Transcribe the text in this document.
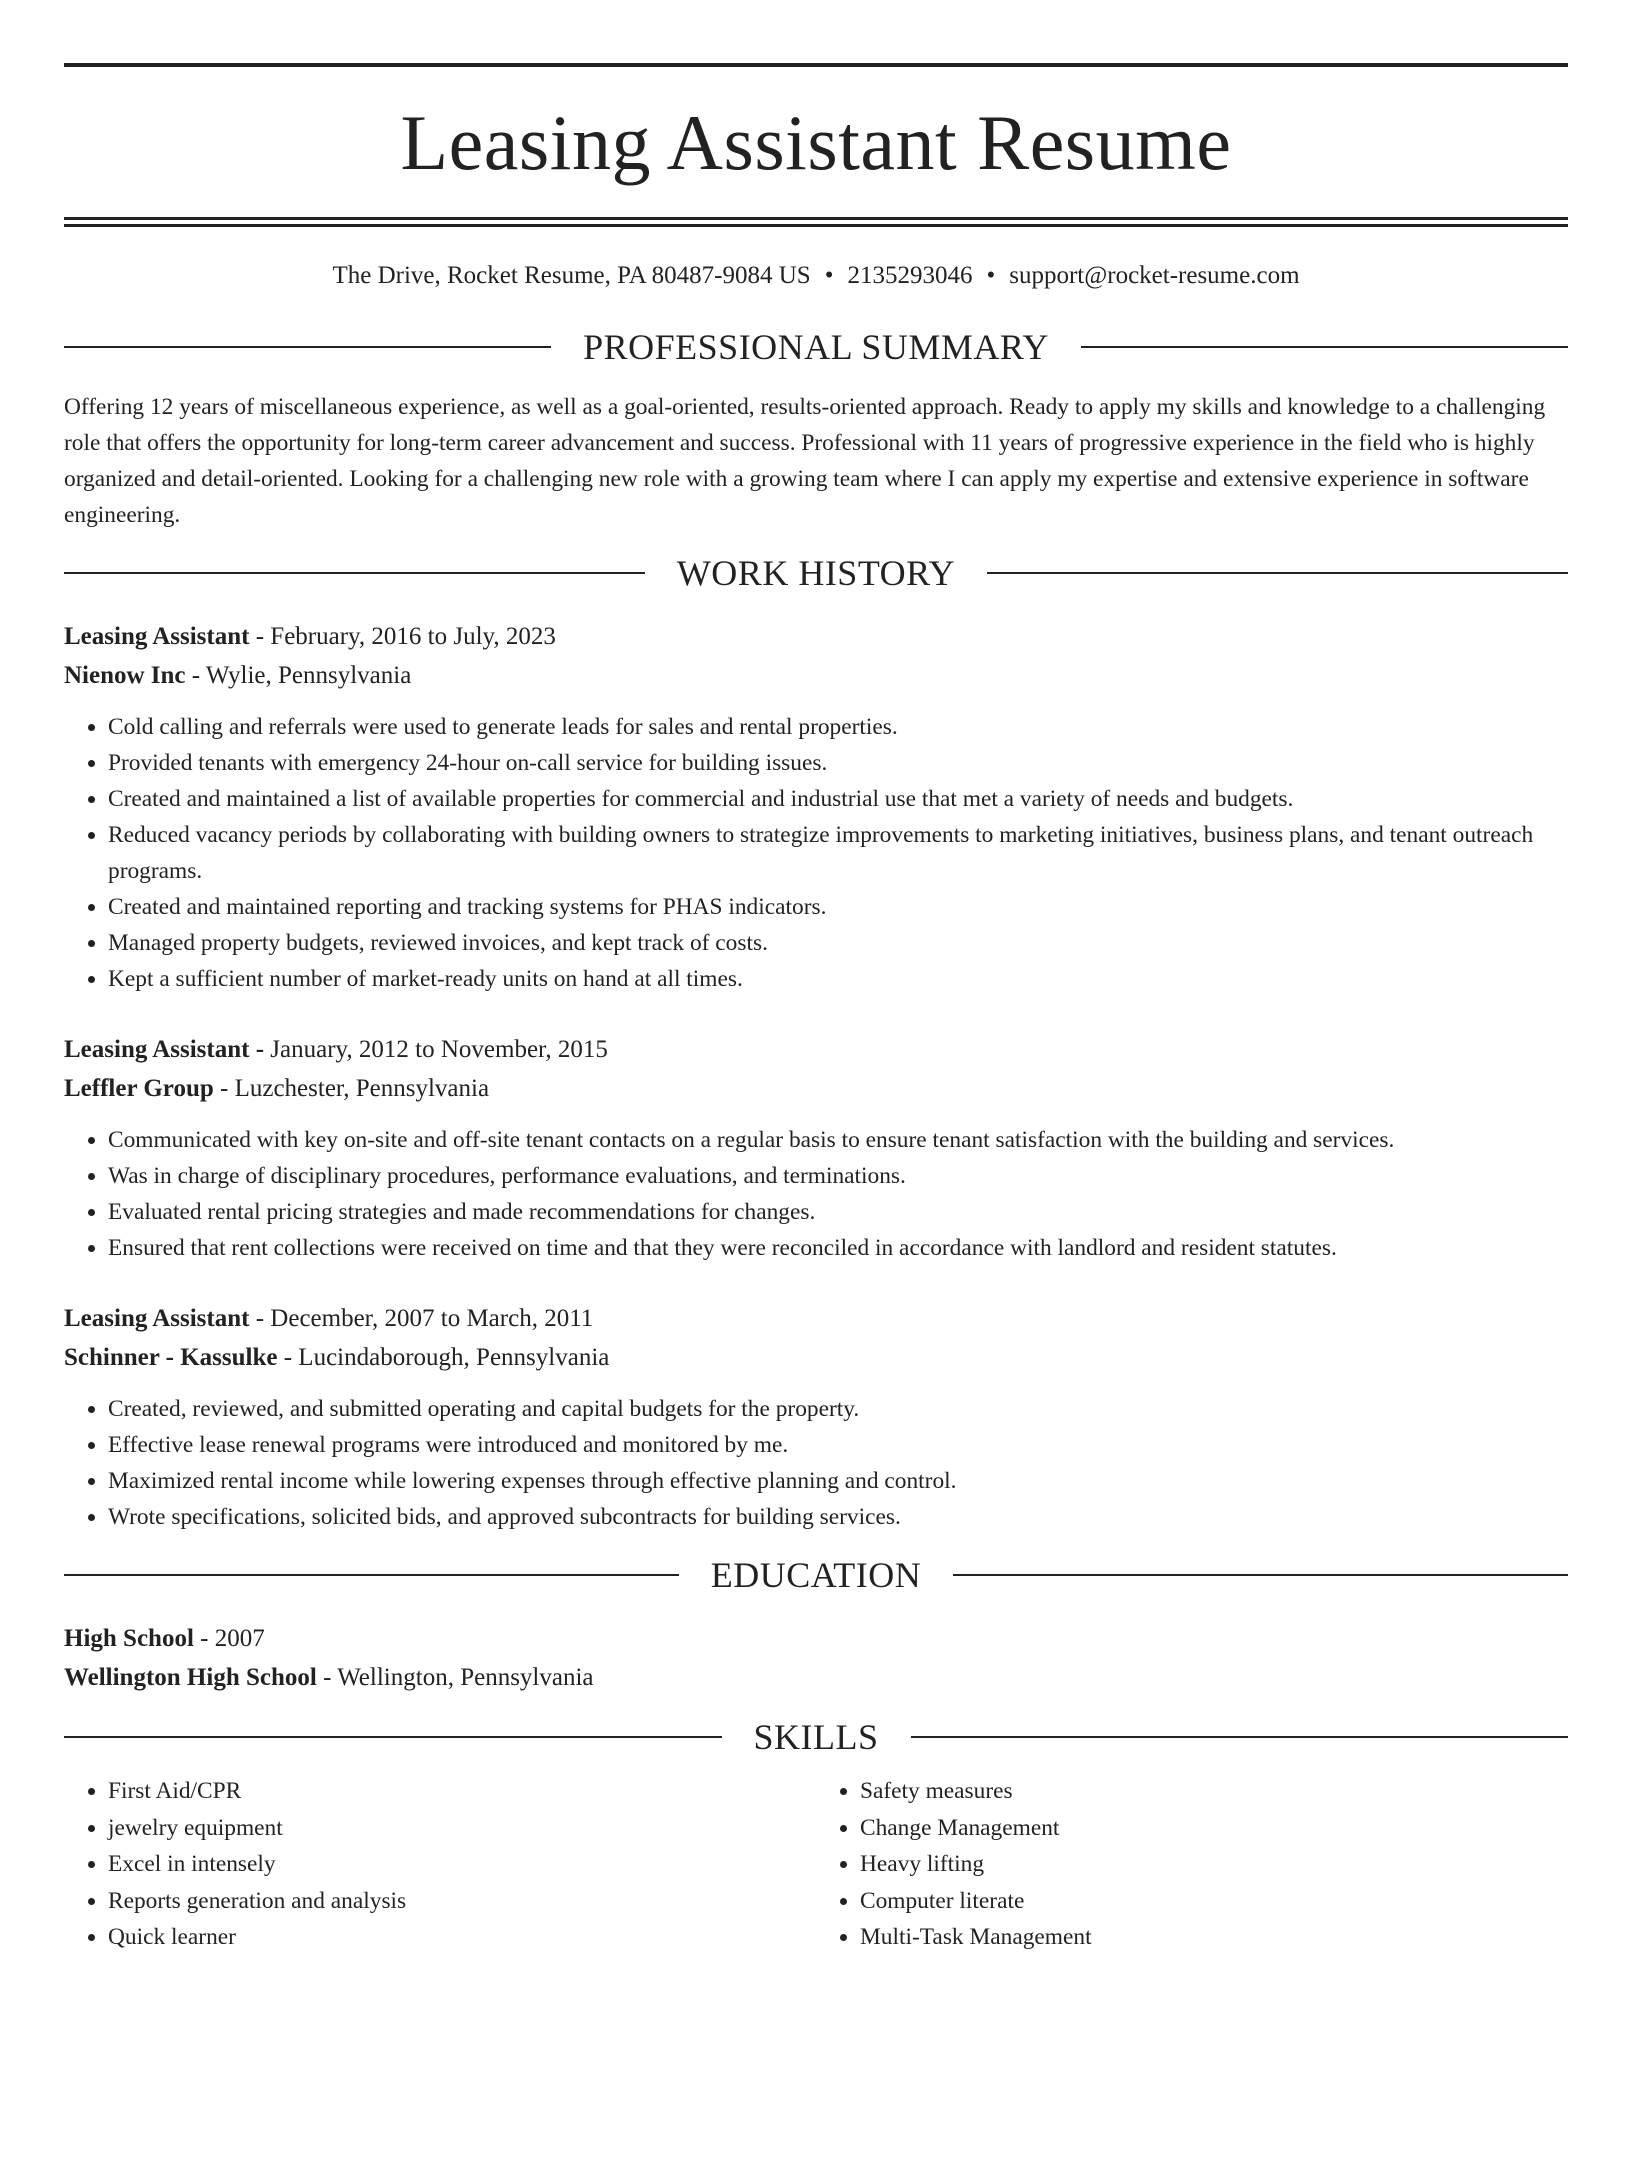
Leasing Assistant Resume
The Drive, Rocket Resume, PA 80487-9084 US • 2135293046 • support@rocket-resume.com
PROFESSIONAL SUMMARY
Offering 12 years of miscellaneous experience, as well as a goal-oriented, results-oriented approach. Ready to apply my skills and knowledge to a challenging role that offers the opportunity for long-term career advancement and success. Professional with 11 years of progressive experience in the field who is highly organized and detail-oriented. Looking for a challenging new role with a growing team where I can apply my expertise and extensive experience in software engineering.
WORK HISTORY
Leasing Assistant - February, 2016 to July, 2023
Nienow Inc - Wylie, Pennsylvania
• Cold calling and referrals were used to generate leads for sales and rental properties.
• Provided tenants with emergency 24-hour on-call service for building issues.
• Created and maintained a list of available properties for commercial and industrial use that met a variety of needs and budgets.
• Reduced vacancy periods by collaborating with building owners to strategize improvements to marketing initiatives, business plans, and tenant outreach programs.
• Created and maintained reporting and tracking systems for PHAS indicators.
• Managed property budgets, reviewed invoices, and kept track of costs.
• Kept a sufficient number of market-ready units on hand at all times.
Leasing Assistant - January, 2012 to November, 2015
Leffler Group - Luzchester, Pennsylvania
• Communicated with key on-site and off-site tenant contacts on a regular basis to ensure tenant satisfaction with the building and services.
• Was in charge of disciplinary procedures, performance evaluations, and terminations.
• Evaluated rental pricing strategies and made recommendations for changes.
• Ensured that rent collections were received on time and that they were reconciled in accordance with landlord and resident statutes.
Leasing Assistant - December, 2007 to March, 2011
Schinner - Kassulke - Lucindaborough, Pennsylvania
• Created, reviewed, and submitted operating and capital budgets for the property.
• Effective lease renewal programs were introduced and monitored by me.
• Maximized rental income while lowering expenses through effective planning and control.
• Wrote specifications, solicited bids, and approved subcontracts for building services.
EDUCATION
High School - 2007
Wellington High School - Wellington, Pennsylvania
SKILLS
• First Aid/CPR
• jewelry equipment
• Excel in intensely
• Reports generation and analysis
• Quick learner
• Safety measures
• Change Management
• Heavy lifting
• Computer literate
• Multi-Task Management
